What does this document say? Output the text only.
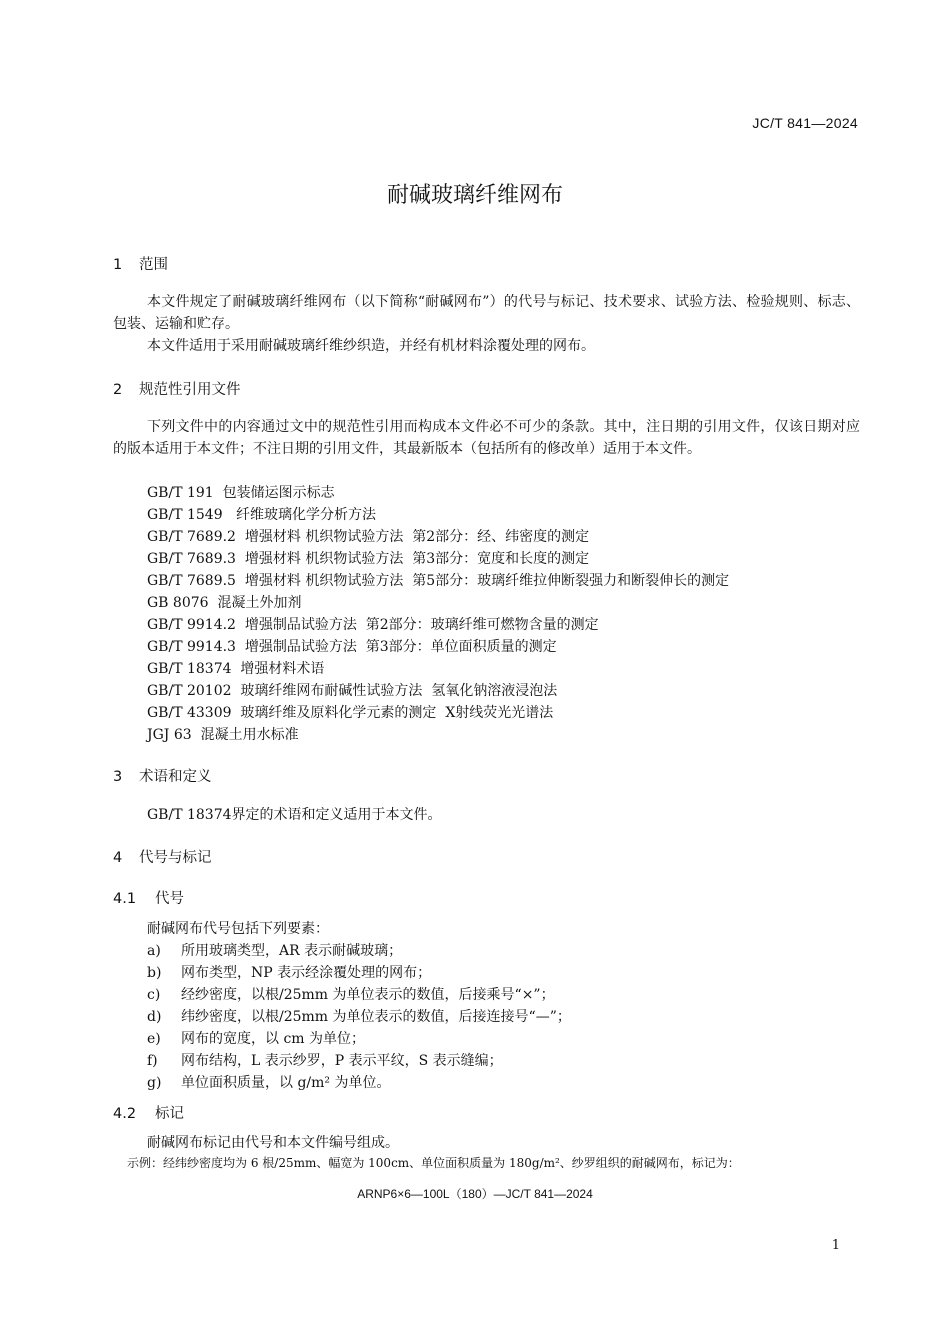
JC/T 841—2024
耐碱玻璃纤维网布
1 范围
本文件规定了耐碱玻璃纤维网布（以下简称“耐碱网布”）的代号与标记、技术要求、试验方法、检验规则、标志、包装、运输和贮存。
本文件适用于采用耐碱玻璃纤维纱织造，并经有机材料涂覆处理的网布。
2 规范性引用文件
下列文件中的内容通过文中的规范性引用而构成本文件必不可少的条款。其中，注日期的引用文件，仅该日期对应的版本适用于本文件；不注日期的引用文件，其最新版本（包括所有的修改单）适用于本文件。
GB/T 191  包装储运图示标志
GB/T 1549   纤维玻璃化学分析方法
GB/T 7689.2  增强材料 机织物试验方法  第2部分：经、纬密度的测定
GB/T 7689.3  增强材料 机织物试验方法  第3部分：宽度和长度的测定
GB/T 7689.5  增强材料 机织物试验方法  第5部分：玻璃纤维拉伸断裂强力和断裂伸长的测定
GB 8076  混凝土外加剂
GB/T 9914.2  增强制品试验方法  第2部分：玻璃纤维可燃物含量的测定
GB/T 9914.3  增强制品试验方法  第3部分：单位面积质量的测定
GB/T 18374  增强材料术语
GB/T 20102  玻璃纤维网布耐碱性试验方法  氢氧化钠溶液浸泡法
GB/T 43309  玻璃纤维及原料化学元素的测定  X射线荧光光谱法
JGJ 63  混凝土用水标准
3 术语和定义
GB/T 18374界定的术语和定义适用于本文件。
4 代号与标记
4.1 代号
耐碱网布代号包括下列要素：
a) 所用玻璃类型，AR 表示耐碱玻璃；
b) 网布类型，NP 表示经涂覆处理的网布；
c) 经纱密度，以根/25mm 为单位表示的数值，后接乘号“×”；
d) 纬纱密度，以根/25mm 为单位表示的数值，后接连接号“—”；
e) 网布的宽度，以 cm 为单位；
f) 网布结构，L 表示纱罗，P 表示平纹，S 表示缝编；
g) 单位面积质量，以 g/m² 为单位。
4.2 标记
耐碱网布标记由代号和本文件编号组成。
示例：经纬纱密度均为 6 根/25mm、幅宽为 100cm、单位面积质量为 180g/m²、纱罗组织的耐碱网布，标记为：
ARNP6×6—100L（180）—JC/T 841—2024
1
